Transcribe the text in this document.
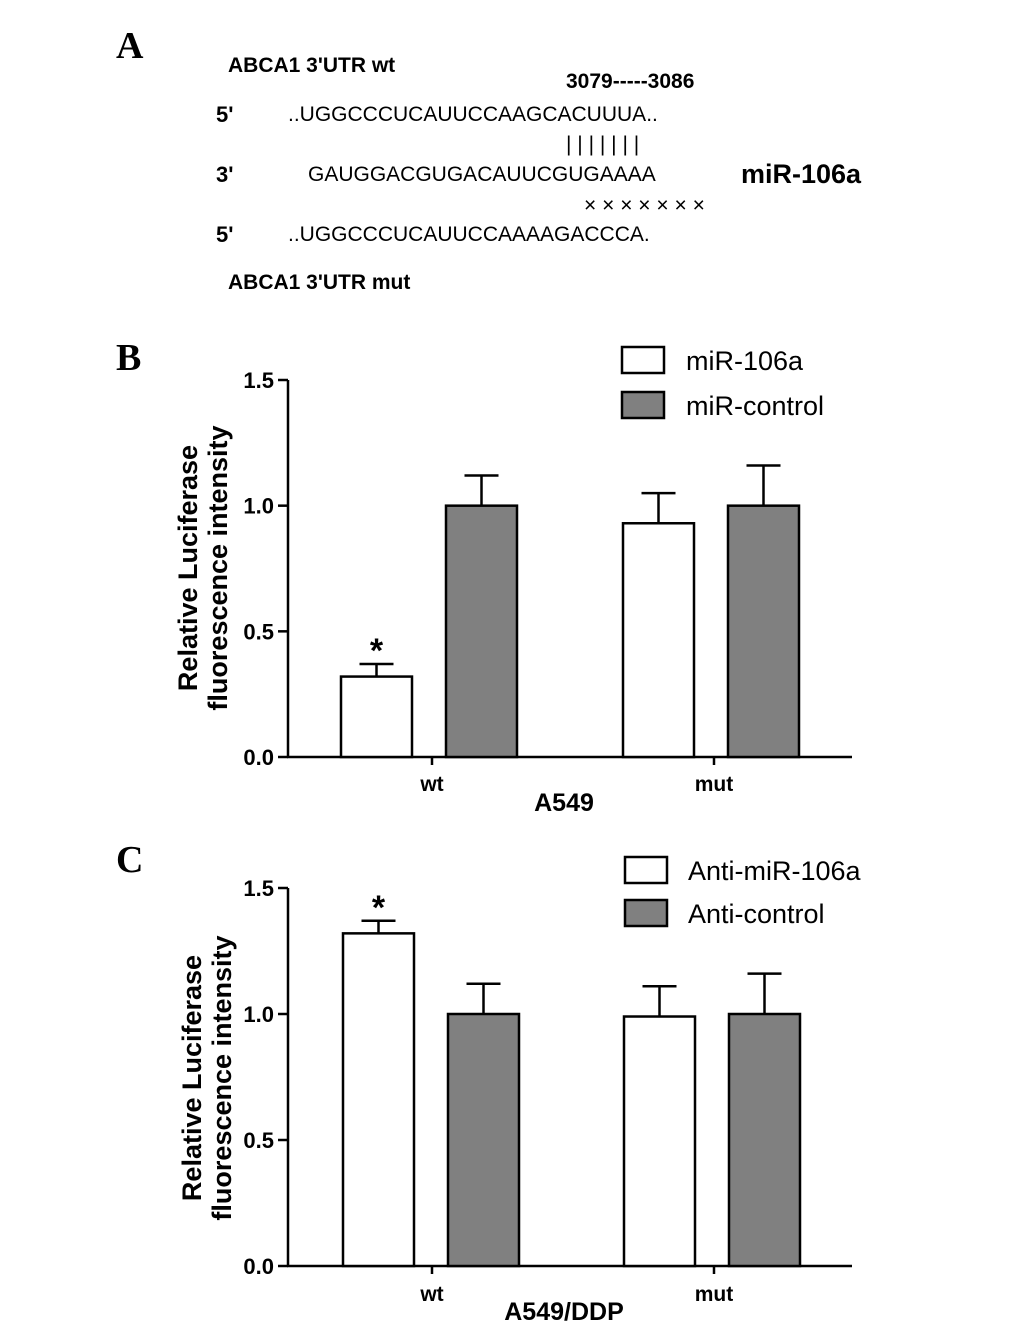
A	ABCA1 3'UTR wt
3079-----3086
5'	..UGGCCCUCAUUCCAAGCACUUUA..
| | | | | | |
3'	GAUGGACGUGACAUUCGUGAAAA	miR-106a
× × × × × × ×
5'	..UGGCCCUCAUUCCAAAAGACCCA.
ABCA1 3'UTR mut
B
0.0
0.5
1.0
1.5
wt	mut
*
A549
Relative Luciferase fluorescence intensity
miR-106a
miR-control
C
0.0
0.5
1.0
1.5
wt	mut
*
A549/DDP
Relative Luciferase fluorescence intensity
Anti-miR-106a
Anti-control
